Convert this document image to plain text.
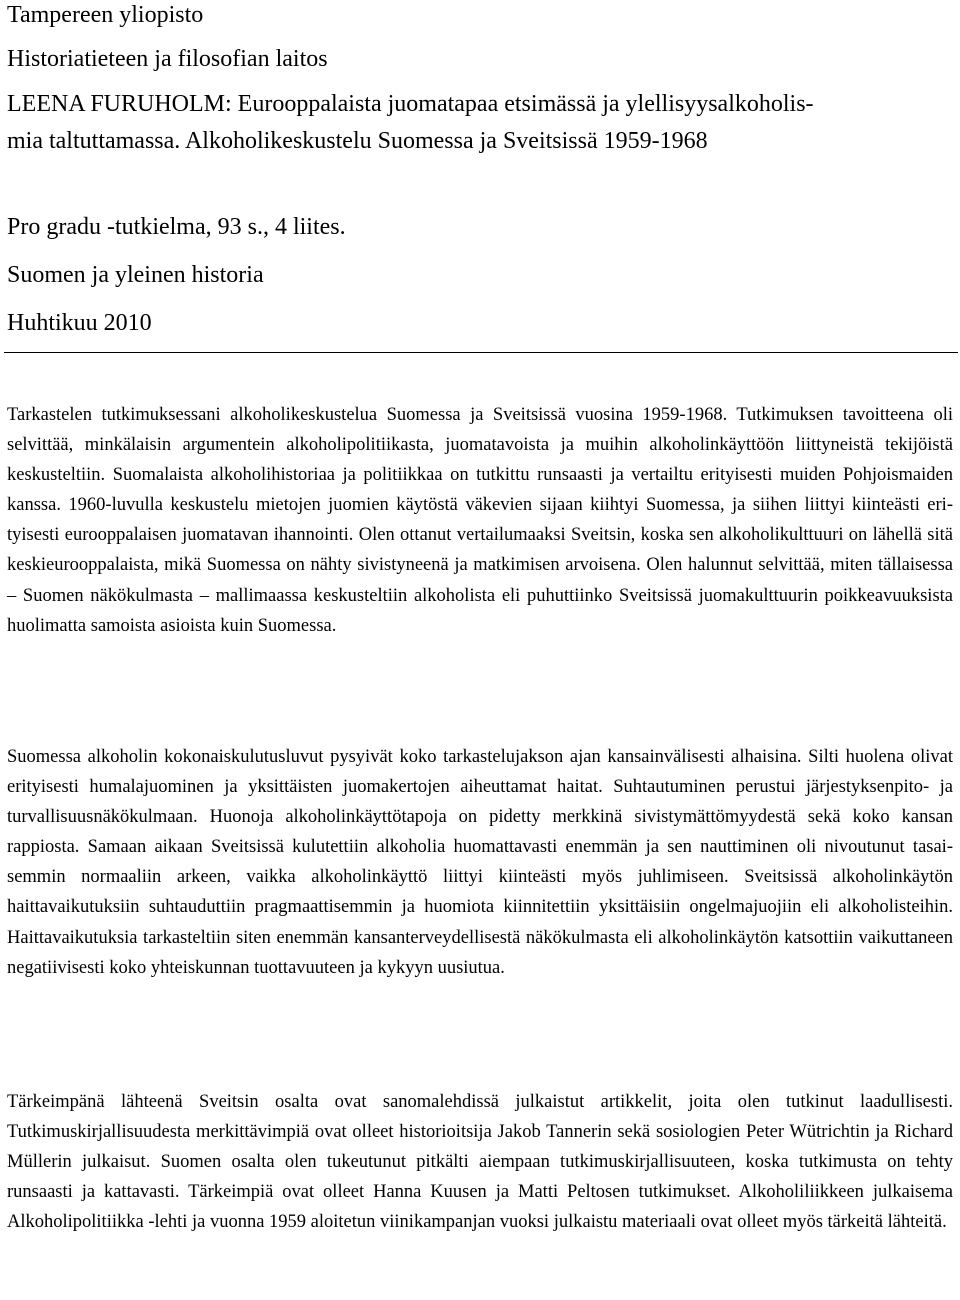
Tampereen yliopisto

Historiatieteen ja filosofian laitos

LEENA FURUHOLM: Eurooppalaista juomatapaa etsimässä ja ylellisyysalkoholis-

mia taltuttamassa. Alkoholikeskustelu Suomessa ja Sveitsissä 1959-1968

Pro gradu -tutkielma, 93 s., 4 liites.

Suomen ja yleinen historia

Huhtikuu 2010

Tarkastelen tutkimuksessani alkoholikeskustelua Suomessa ja Sveitsissä vuosina 1959-1968. Tutkimuksen tavoitteena oli selvittää, minkälaisin argumentein alkoholipolitiikasta, juomatavoista ja muihin alkoholinkäyttöön liittyneistä tekijöistä keskusteltiin. Suomalaista alkoholihistoriaa ja politiikkaa on tutkittu runsaasti ja vertailtu erityisesti muiden Pohjoismaiden kanssa. 1960-luvulla keskustelu mietojen juomien käytöstä väkevien sijaan kiihtyi Suomessa, ja siihen liittyi kiinteästi erityisesti eurooppalaisen juomatavan ihannointi. Olen ottanut vertailumaaksi Sveitsin, koska sen alkoholikulttuuri on lähellä sitä keskieurooppalaista, mikä Suomessa on nähty sivistyneenä ja matkimisen arvoisena. Olen halunnut selvittää, miten tällaisessa – Suomen näkökulmasta – mallimaassa keskusteltiin alkoholista eli puhuttiinko Sveitsissä juomakulttuurin poikkeavuuksista huolimatta samoista asioista kuin Suomessa.

Suomessa alkoholin kokonaiskulutusluvut pysyivät koko tarkastelujakson ajan kansainvälisesti alhaisina. Silti huolena olivat erityisesti humalajuominen ja yksittäisten juomakertojen aiheuttamat haitat. Suhtautuminen perustui järjestyksenpito- ja turvallisuusnäkökulmaan. Huonoja alkoholinkäyttötapoja on pidetty merkkinä sivistymättömyydestä sekä koko kansan rappiosta. Samaan aikaan Sveitsissä kulutettiin alkoholia huomattavasti enemmän ja sen nauttiminen oli nivoutunut tasaisemmin normaaliin arkeen, vaikka alkoholinkäyttö liittyi kiinteästi myös juhlimiseen. Sveitsissä alkoholinkäytön haittavaikutuksiin suhtauduttiin pragmaattisemmin ja huomiota kiinnitettiin yksittäisiin ongelmajuojiin eli alkoholisteihin. Haittavaikutuksia tarkasteltiin siten enemmän kansanterveydellisestä näkökulmasta eli alkoholinkäytön katsottiin vaikuttaneen negatiivisesti koko yhteiskunnan tuottavuuteen ja kykyyn uusiutua.

Tärkeimpänä lähteenä Sveitsin osalta ovat sanomalehdissä julkaistut artikkelit, joita olen tutkinut laadullisesti. Tutkimuskirjallisuudesta merkittävimpiä ovat olleet historioitsija Jakob Tannerin sekä sosiologien Peter Wütrichtin ja Richard Müllerin julkaisut. Suomen osalta olen tukeutunut pitkälti aiempaan tutkimuskirjallisuuteen, koska tutkimusta on tehty runsaasti ja kattavasti. Tärkeimpiä ovat olleet Hanna Kuusen ja Matti Peltosen tutkimukset. Alkoholiliikkeen julkaisema Alkoholipolitiikka -lehti ja vuonna 1959 aloitetun viinikampanjan vuoksi julkaistu materiaali ovat olleet myös tärkeitä lähteitä.
